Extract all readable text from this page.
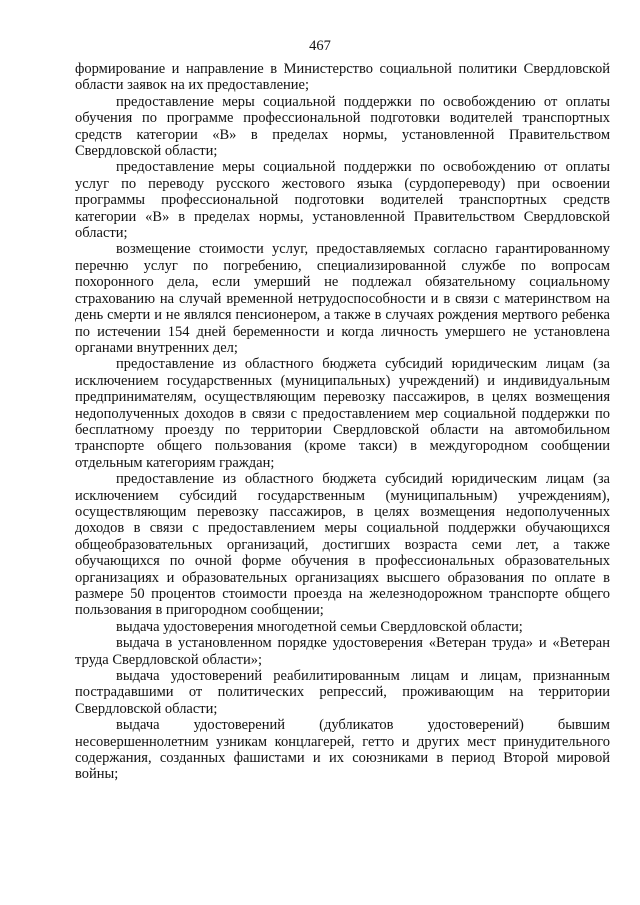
467

формирование и направление в Министерство социальной политики Свердловской области заявок на их предоставление;

предоставление меры социальной поддержки по освобождению от оплаты обучения по программе профессиональной подготовки водителей транспортных средств категории «B» в пределах нормы, установленной Правительством Свердловской области;

предоставление меры социальной поддержки по освобождению от оплаты услуг по переводу русского жестового языка (сурдопереводу) при освоении программы профессиональной подготовки водителей транспортных средств категории «B» в пределах нормы, установленной Правительством Свердловской области;

возмещение стоимости услуг, предоставляемых согласно гарантированному перечню услуг по погребению, специализированной службе по вопросам похоронного дела, если умерший не подлежал обязательному социальному страхованию на случай временной нетрудоспособности и в связи с материнством на день смерти и не являлся пенсионером, а также в случаях рождения мертвого ребенка по истечении 154 дней беременности и когда личность умершего не установлена органами внутренних дел;

предоставление из областного бюджета субсидий юридическим лицам (за исключением государственных (муниципальных) учреждений) и индивидуальным предпринимателям, осуществляющим перевозку пассажиров, в целях возмещения недополученных доходов в связи с предоставлением мер социальной поддержки по бесплатному проезду по территории Свердловской области на автомобильном транспорте общего пользования (кроме такси) в междугородном сообщении отдельным категориям граждан;

предоставление из областного бюджета субсидий юридическим лицам (за исключением субсидий государственным (муниципальным) учреждениям), осуществляющим перевозку пассажиров, в целях возмещения недополученных доходов в связи с предоставлением меры социальной поддержки обучающихся общеобразовательных организаций, достигших возраста семи лет, а также обучающихся по очной форме обучения в профессиональных образовательных организациях и образовательных организациях высшего образования по оплате в размере 50 процентов стоимости проезда на железнодорожном транспорте общего пользования в пригородном сообщении;

выдача удостоверения многодетной семьи Свердловской области;

выдача в установленном порядке удостоверения «Ветеран труда» и «Ветеран труда Свердловской области»;

выдача удостоверений реабилитированным лицам и лицам, признанным пострадавшими от политических репрессий, проживающим на территории Свердловской области;

выдача удостоверений (дубликатов удостоверений) бывшим несовершеннолетним узникам концлагерей, гетто и других мест принудительного содержания, созданных фашистами и их союзниками в период Второй мировой войны;
